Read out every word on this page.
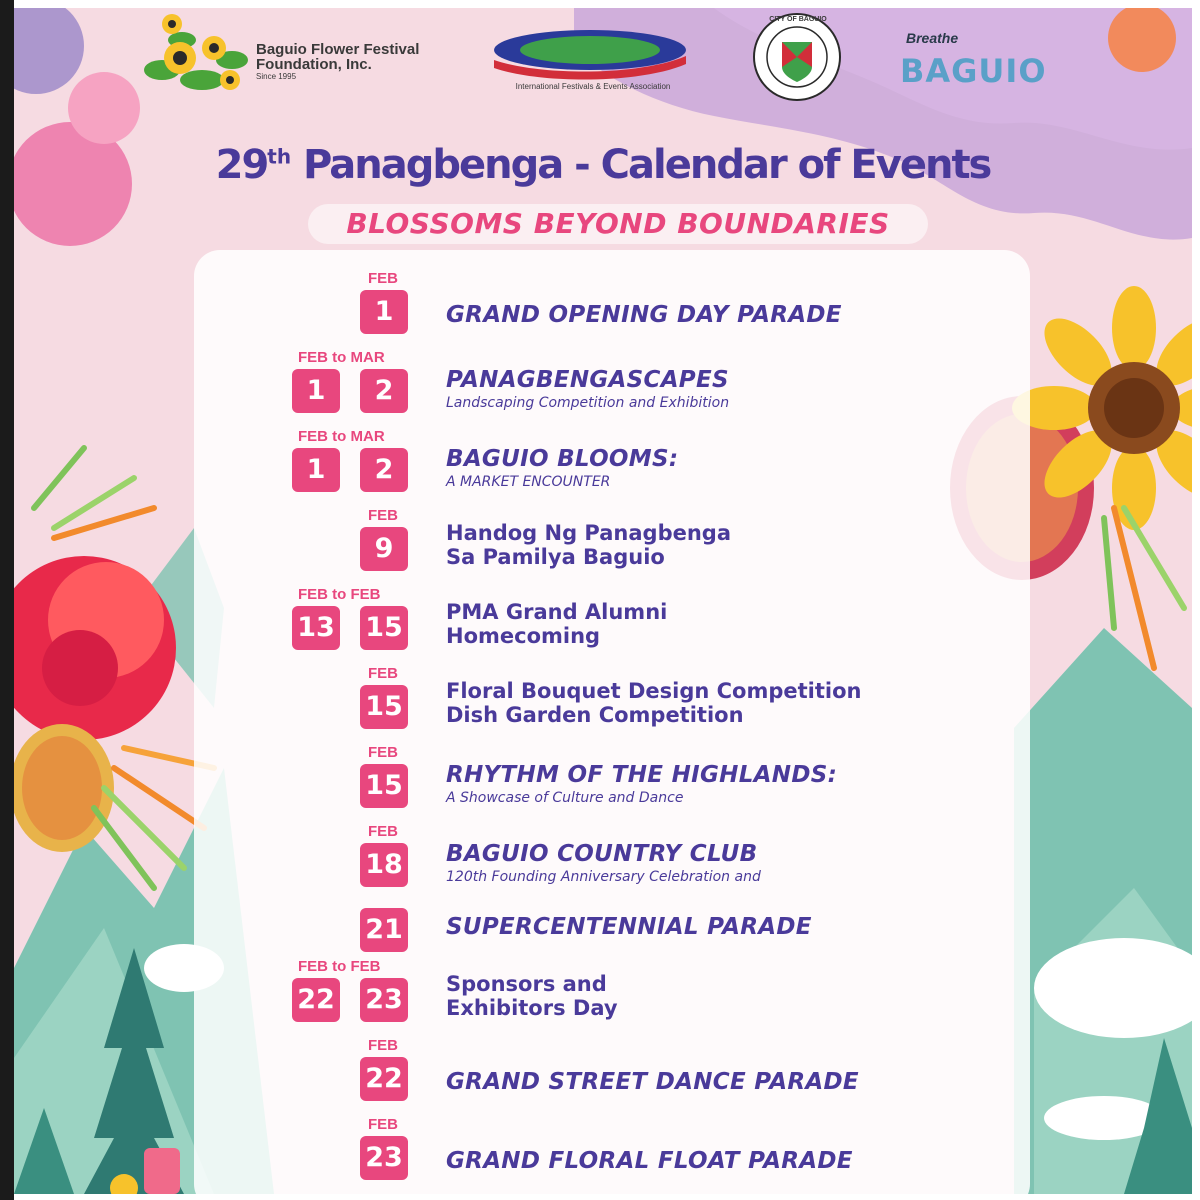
Baguio Flower Festival
Foundation, Inc.
Since 1995
International Festivals & Events Association
CITY OF BAGUIO
Breathe
BAGUIO
29th Panagbenga - Calendar of Events
BLOSSOMS BEYOND BOUNDARIES
FEB
1	GRAND OPENING DAY PARADE
FEB to MAR
1	2	PANAGBENGASCAPES
Landscaping Competition and Exhibition
FEB to MAR
1	2	BAGUIO BLOOMS:
A MARKET ENCOUNTER
FEB
9	Handog Ng Panagbenga
Sa Pamilya Baguio
FEB to FEB
13 15 PMA Grand Alumni
Homecoming
FEB
15 Floral Bouquet Design Competition
Dish Garden Competition
FEB
15 RHYTHM OF THE HIGHLANDS:
A Showcase of Culture and Dance
FEB
18 BAGUIO COUNTRY CLUB
120th Founding Anniversary Celebration and
21 SUPERCENTENNIAL PARADE
FEB to FEB
22 23 Sponsors and
Exhibitors Day
FEB
22 GRAND STREET DANCE PARADE
FEB
23 GRAND FLORAL FLOAT PARADE
